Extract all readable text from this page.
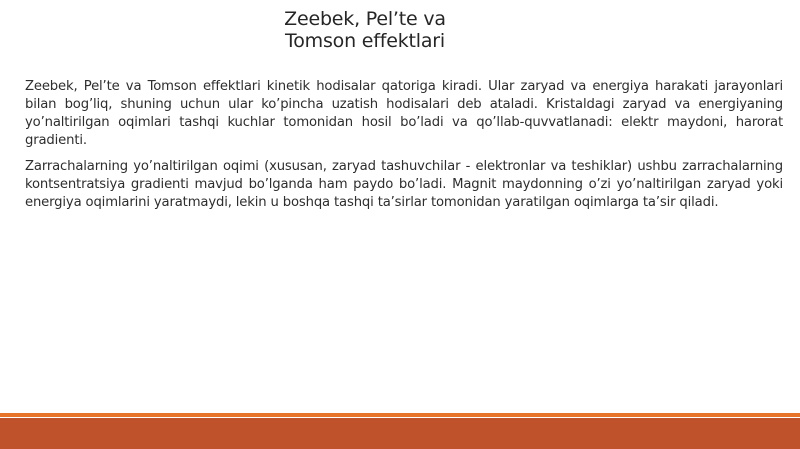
Zeebek, Pel’te va
Tomson effektlari

Zeebek, Pel’te va Tomson effektlari kinetik hodisalar qatoriga kiradi. Ular zaryad va energiya harakati jarayonlari bilan bog’liq, shuning uchun ular ko’pincha uzatish hodisalari deb ataladi. Kristaldagi zaryad va energiyaning yo’naltirilgan oqimlari tashqi kuchlar tomonidan hosil bo’ladi va qo’llab-quvvatlanadi: elektr maydoni, harorat gradienti.

Zarrachalarning yo’naltirilgan oqimi (xususan, zaryad tashuvchilar - elektronlar va teshiklar) ushbu zarrachalarning kontsentratsiya gradienti mavjud bo’lganda ham paydo bo’ladi. Magnit maydonning o’zi yo’naltirilgan zaryad yoki energiya oqimlarini yaratmaydi, lekin u boshqa tashqi ta’sirlar tomonidan yaratilgan oqimlarga ta’sir qiladi.
